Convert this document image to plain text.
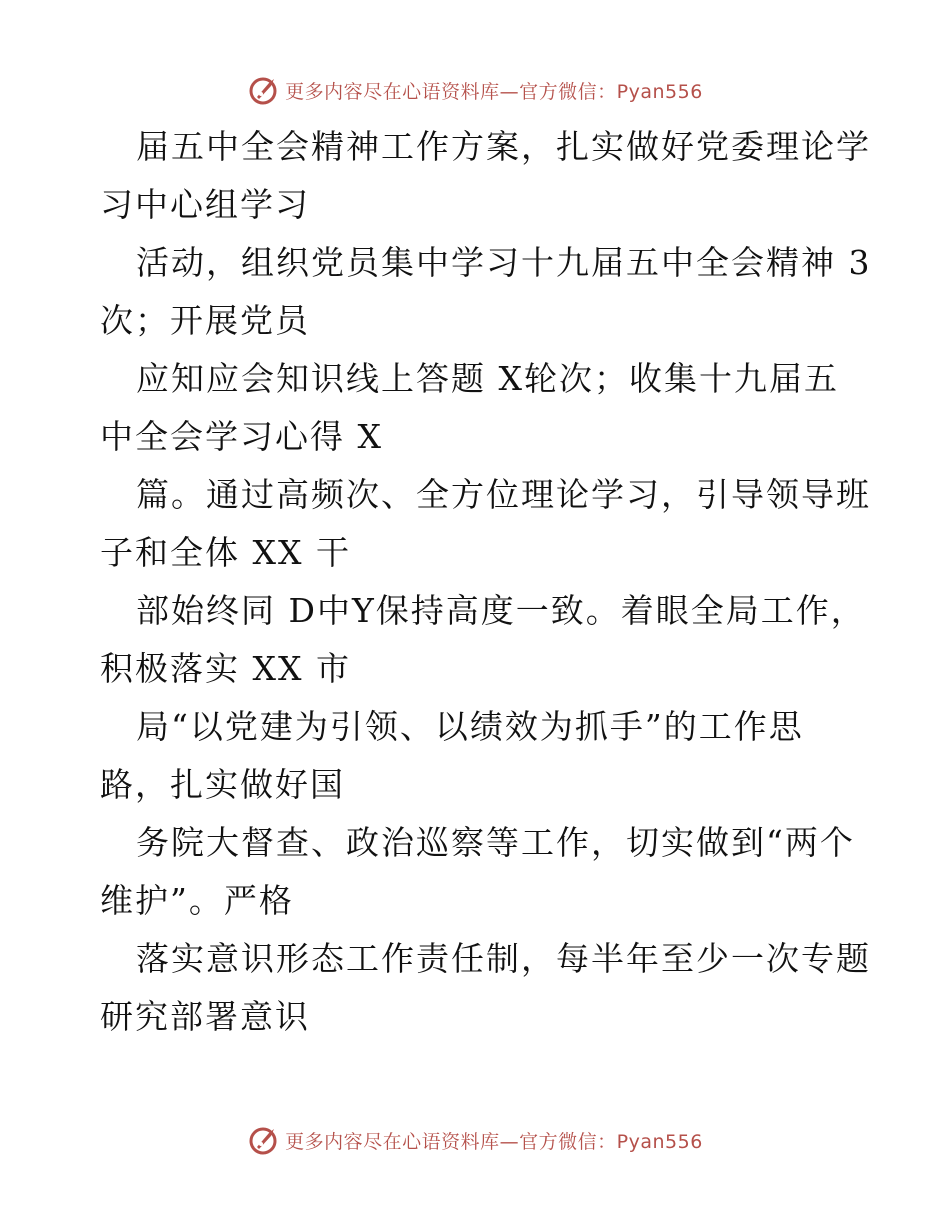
更多内容尽在心语资料库—官方微信：Pyan556
届五中全会精神工作方案，扎实做好党委理论学
习中心组学习
活动，组织党员集中学习十九届五中全会精神 3
次；开展党员
应知应会知识线上答题 X轮次；收集十九届五
中全会学习心得 X
篇。通过高频次、全方位理论学习，引导领导班
子和全体 XX 干
部始终同 D中Y保持高度一致。着眼全局工作，
积极落实 XX 市
局“以党建为引领、以绩效为抓手”的工作思
路，扎实做好国
务院大督查、政治巡察等工作，切实做到“两个
维护”。严格
落实意识形态工作责任制，每半年至少一次专题
研究部署意识
更多内容尽在心语资料库—官方微信：Pyan556
